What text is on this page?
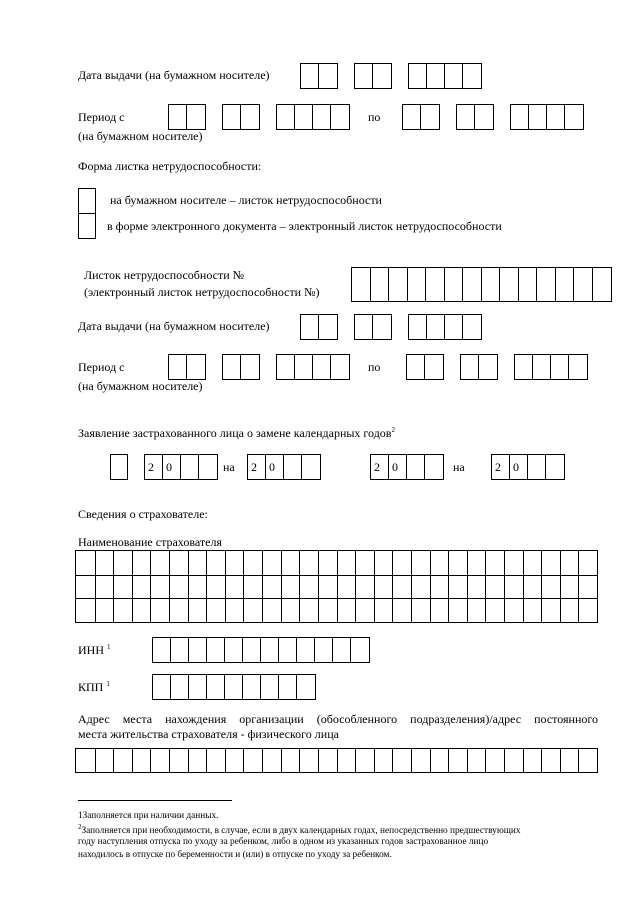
Дата выдачи (на бумажном носителе)
Период с
(на бумажном носителе)
по
Форма листка нетрудоспособности:
на бумажном носителе – листок нетрудоспособности
в форме электронного документа – электронный листок нетрудоспособности
Листок нетрудоспособности №
(электронный листок нетрудоспособности №)
Дата выдачи (на бумажном носителе)
Период с
(на бумажном носителе)
по
Заявление застрахованного лица о замене календарных годов$^2$
2	0	на 2	0	2	0	на	2	0
Сведения о страхователе:
Наименование страхователя
ИНН $^1$
КПП $^1$
Адрес места нахождения организации (обособленного подразделения)/адрес постоянного
места жительства страхователя - физического лица
1Заполняется при наличии данных.
$^2$Заполняется при необходимости, в случае, если в двух календарных годах, непосредственно предшествующих
году наступления отпуска по уходу за ребенком, либо в одном из указанных годов застрахованное лицо
находилось в отпуске по беременности и (или) в отпуске по уходу за ребенком.
